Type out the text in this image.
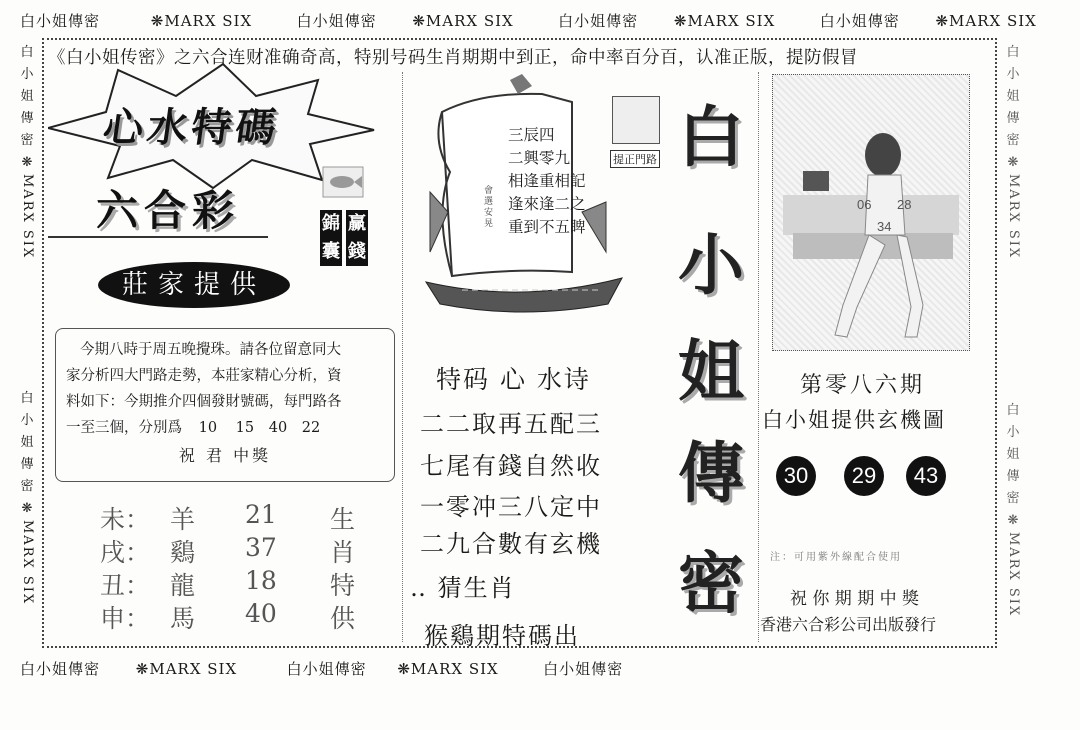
白小姐傳密	❋MARX SIX	白小姐傳密 ❋MARX SIX	白小姐傳密 ❋MARX SIX	白小姐傳密 ❋MARX SIX
白小姐傳密 ❋MARX SIX	白小姐傳密 ❋MARX SIX	白小姐傳密
白
小
姐
傳
密
❋
MARX SIX
白
小
姐
傳
密
❋
MARX SIX
白
小
姐
傳
密
❋
MARX SIX
白
小
姐
傳
密
❋
MARX SIX
《白小姐传密》之六合连财准确奇高，特别号码生肖期期中到正，命中率百分百，认准正版，提防假冒
心水特碼
六合彩	錦囊
赢錢
莊家提供
今期八時于周五晚攪珠。請各位留意同大
家分析四大門路走勢，本莊家精心分析，資
料如下：今期推介四個發財號碼，每門路各
一至三個，分別爲 10 15 40 22
祝 君 中獎
未： 羊 21 生
戌： 鷄 37 肖
丑： 龍 18 特
申： 馬 40 供
三辰四
二興零九
相逢重相記
逢來逢二之
重到不五睥
會選安晃
提正門路
特码 心 水诗
二二取再五配三
七尾有錢自然收
一零冲三八定中
二九合數有玄機
‥ 猜生肖
猴鷄期特碼出
白
小
姐
傳
密
06 28
34
第零八六期
白小姐提供玄機圖
30	29	43
注：可用紫外線配合使用
祝 你 期 期 中 獎
香港六合彩公司出版發行
